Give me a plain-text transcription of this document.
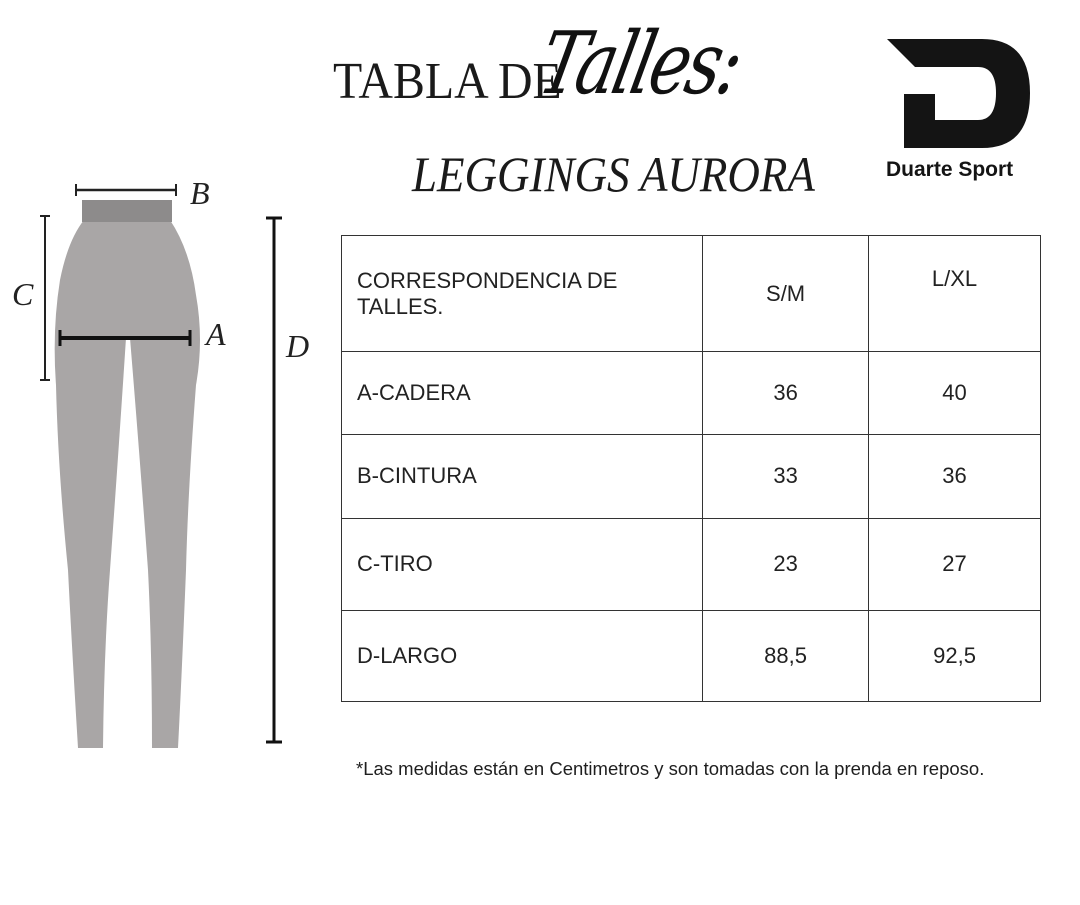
TABLA DE
Talles:
LEGGINGS AURORA	Duarte Sport
B
A
C
D
CORRESPONDENCIA DE TALLES.	S/M	L/XL
A-CADERA	36	40
B-CINTURA	33	36
C-TIRO	23	27
D-LARGO	88,5	92,5
*Las medidas están en Centimetros y son tomadas con la prenda en reposo.
